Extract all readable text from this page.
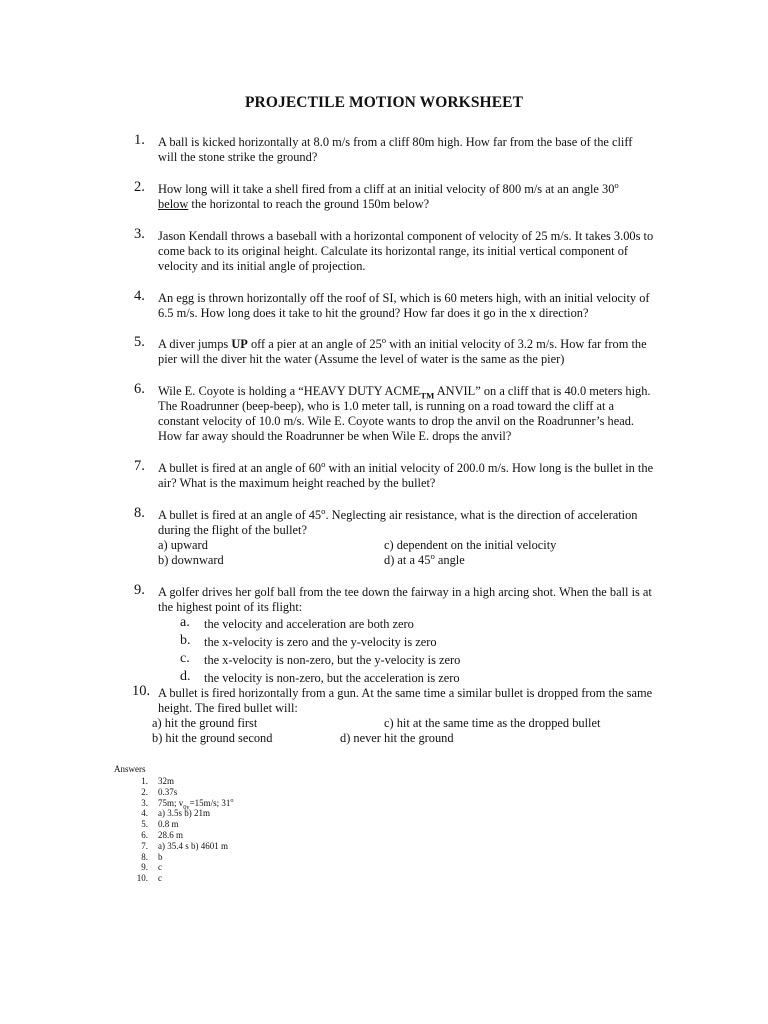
PROJECTILE MOTION WORKSHEET
1.	A ball is kicked horizontally at 8.0 m/s from a cliff 80m high. How far from the base of the cliff will the stone strike the ground?

2.	How long will it take a shell fired from a cliff at an initial velocity of 800 m/s at an angle 30$^o$
below the horizontal to reach the ground 150m below?

3.	Jason Kendall throws a baseball with a horizontal component of velocity of 25 m/s. It takes 3.00s to come back to its original height. Calculate its horizontal range, its initial vertical component of velocity and its initial angle of projection.

4.	An egg is thrown horizontally off the roof of SI, which is 60 meters high, with an initial velocity of 6.5 m/s. How long does it take to hit the ground? How far does it go in the x direction?

5.	A diver jumps UP off a pier at an angle of 25$^o$ with an initial velocity of 3.2 m/s. How far from the pier will the diver hit the water (Assume the level of water is the same as the pier)

6.	Wile E. Coyote is holding a “HEAVY DUTY $ACME_{TM}$ ANVIL” on a cliff that is 40.0 meters high. The Roadrunner (beep-beep), who is 1.0 meter tall, is running on a road toward the cliff at a constant velocity of 10.0 m/s. Wile E. Coyote wants to drop the anvil on the Roadrunner’s head. How far away should the Roadrunner be when Wile E. drops the anvil?

7.	A bullet is fired at an angle of 60$^o$ with an initial velocity of 200.0 m/s. How long is the bullet in the air? What is the maximum height reached by the bullet?

8.	A bullet is fired at an angle of 45$^o$. Neglecting air resistance, what is the direction of acceleration during the flight of the bullet?

a) upward
b) downward
c) dependent on the initial velocity
d) at a 45$^o$ angle
9.	A golfer drives her golf ball from the tee down the fairway in a high arcing shot. When the ball is at the highest point of its flight:

a. the velocity and acceleration are both zero
b. the x-velocity is zero and the y-velocity is zero
c. the x-velocity is non-zero, but the y-velocity is zero
d. the velocity is non-zero, but the acceleration is zero
10. A bullet is fired horizontally from a gun. At the same time a similar bullet is dropped from the same height. The fired bullet will:

a) hit the ground first
b) hit the ground second
c) hit at the same time as the dropped bullet
d) never hit the ground
Answers
1. 32m
2. 0.37s
3. 75m; $v_{0y}=15m/s$; 31$^o$
4. a) 3.5s b) 21m
5. 0.8 m
6. 28.6 m
7. a) 35.4 s b) 4601 m
8. b
9. c
10. c
